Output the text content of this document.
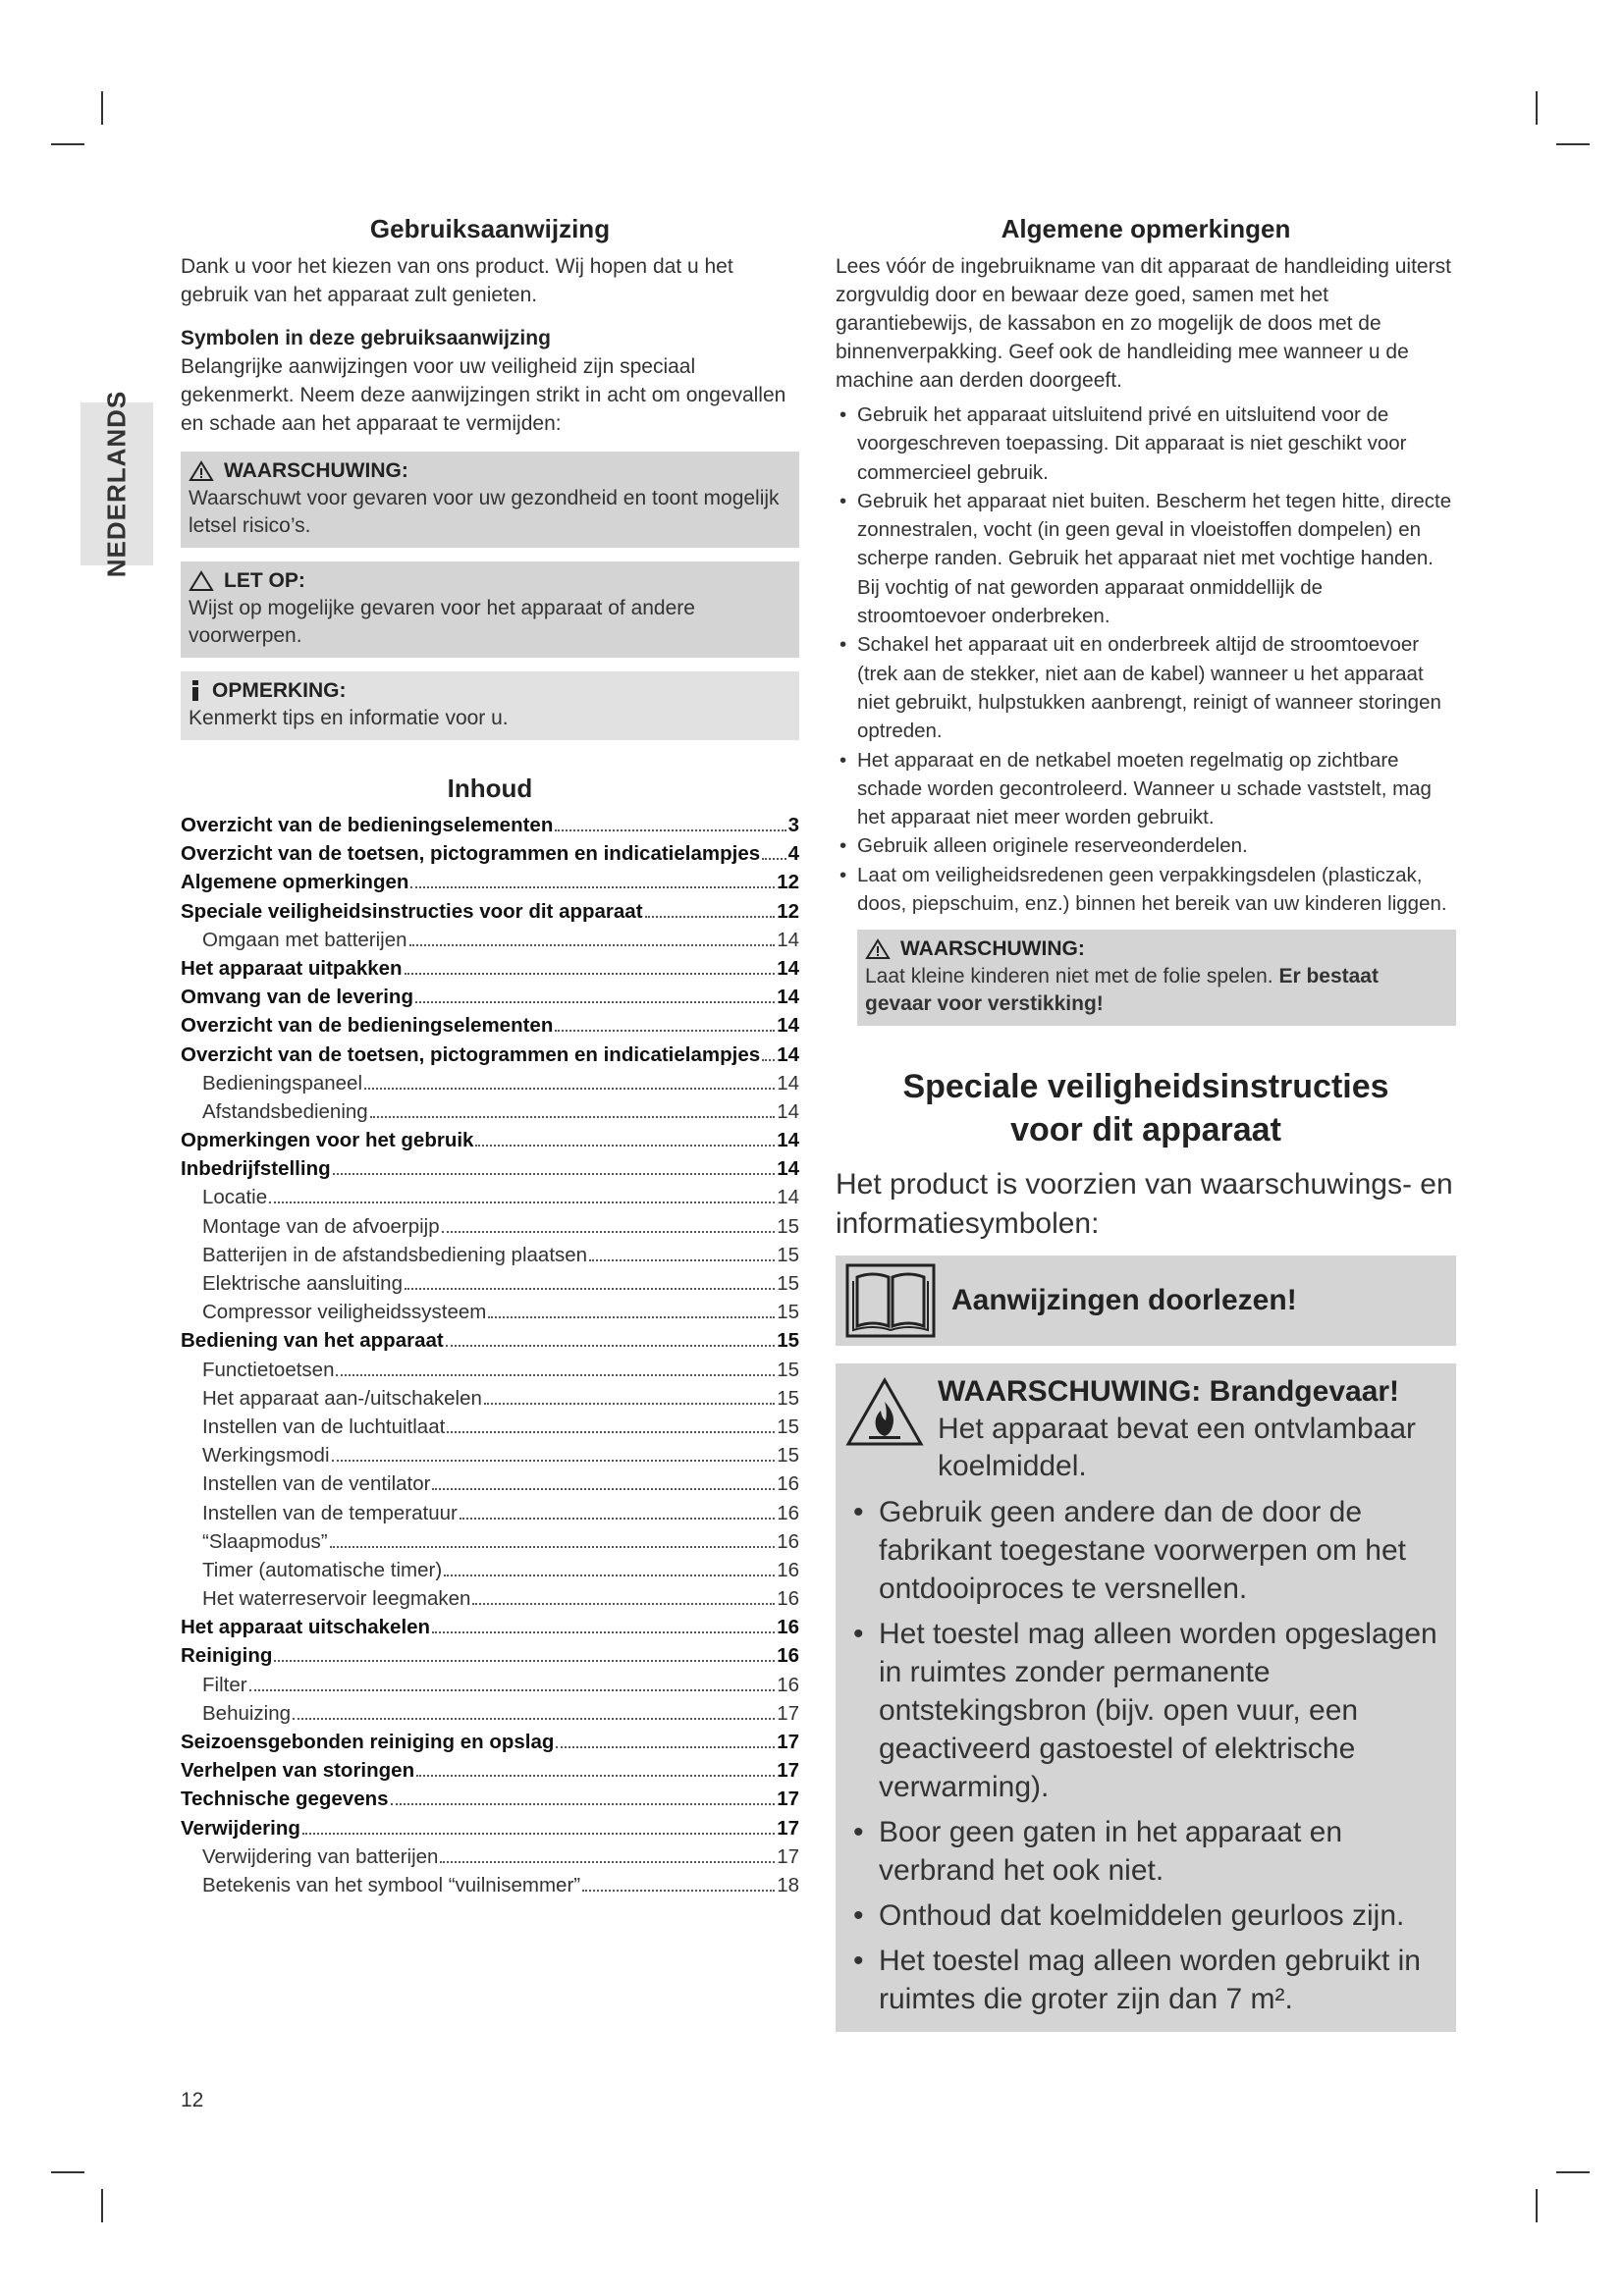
NEDERLANDS
Gebruiksaanwijzing

Dank u voor het kiezen van ons product. Wij hopen dat u het gebruik van het apparaat zult genieten.

Symbolen in deze gebruiksaanwijzing

Belangrijke aanwijzingen voor uw veiligheid zijn speciaal gekenmerkt. Neem deze aanwijzingen strikt in acht om ongevallen en schade aan het apparaat te vermijden:

WAARSCHUWING:
Waarschuwt voor gevaren voor uw gezondheid en toont mogelijk letsel risico’s.
LET OP:
Wijst op mogelijke gevaren voor het apparaat of andere voorwerpen.
OPMERKING:
Kenmerkt tips en informatie voor u.
Inhoud
Overzicht van de bedieningselementen	3
Overzicht van de toetsen, pictogrammen en indicatielampjes 4
Algemene opmerkingen	12
Speciale veiligheidsinstructies voor dit apparaat	12
Omgaan met batterijen	14
Het apparaat uitpakken	14
Omvang van de levering	14
Overzicht van de bedieningselementen	14
Overzicht van de toetsen, pictogrammen en indicatielampjes 14
Bedieningspaneel	14
Afstandsbediening	14
Opmerkingen voor het gebruik	14
Inbedrijfstelling	14
Locatie	14
Montage van de afvoerpijp	15
Batterijen in de afstandsbediening plaatsen	15
Elektrische aansluiting	15
Compressor veiligheidssysteem	15
Bediening van het apparaat	15
Functietoetsen	15
Het apparaat aan-/uitschakelen	15
Instellen van de luchtuitlaat	15
Werkingsmodi	15
Instellen van de ventilator	16
Instellen van de temperatuur	16
“Slaapmodus”	16
Timer (automatische timer)	16
Het waterreservoir leegmaken	16
Het apparaat uitschakelen	16
Reiniging	16
Filter	16
Behuizing	17
Seizoensgebonden reiniging en opslag	17
Verhelpen van storingen	17
Technische gegevens	17
Verwijdering	17
Verwijdering van batterijen	17
Betekenis van het symbool “vuilnisemmer”	18
Algemene opmerkingen

Lees vóór de ingebruikname van dit apparaat de handleiding uiterst zorgvuldig door en bewaar deze goed, samen met het garantiebewijs, de kassabon en zo mogelijk de doos met de binnenverpakking. Geef ook de handleiding mee wanneer u de machine aan derden doorgeeft.

• Gebruik het apparaat uitsluitend privé en uitsluitend voor de voorgeschreven toepassing. Dit apparaat is niet geschikt voor commercieel gebruik.
• Gebruik het apparaat niet buiten. Bescherm het tegen hitte, directe zonnestralen, vocht (in geen geval in vloeistoffen dompelen) en scherpe randen. Gebruik het apparaat niet met vochtige handen. Bij vochtig of nat geworden apparaat onmiddellijk de stroomtoevoer onderbreken.
• Schakel het apparaat uit en onderbreek altijd de stroomtoevoer (trek aan de stekker, niet aan de kabel) wanneer u het apparaat niet gebruikt, hulpstukken aanbrengt, reinigt of wanneer storingen optreden.
• Het apparaat en de netkabel moeten regelmatig op zichtbare schade worden gecontroleerd. Wanneer u schade vaststelt, mag het apparaat niet meer worden gebruikt.
• Gebruik alleen originele reserveonderdelen.
• Laat om veiligheidsredenen geen verpakkingsdelen (plasticzak, doos, piepschuim, enz.) binnen het bereik van uw kinderen liggen.
WAARSCHUWING:
Laat kleine kinderen niet met de folie spelen. Er bestaat gevaar voor verstikking!
Speciale veiligheidsinstructies
voor dit apparaat

Het product is voorzien van waarschuwings- en informatiesymbolen:

Aanwijzingen doorlezen!
WAARSCHUWING: Brandgevaar!
Het apparaat bevat een ontvlambaar koelmiddel.
• Gebruik geen andere dan de door de fabrikant toegestane voorwerpen om het ontdooiproces te versnellen.
• Het toestel mag alleen worden opgeslagen in ruimtes zonder permanente ontstekingsbron (bijv. open vuur, een geactiveerd gastoestel of elektrische verwarming).
• Boor geen gaten in het apparaat en verbrand het ook niet.
• Onthoud dat koelmiddelen geurloos zijn.
• Het toestel mag alleen worden gebruikt in ruimtes die groter zijn dan 7 m².
12
